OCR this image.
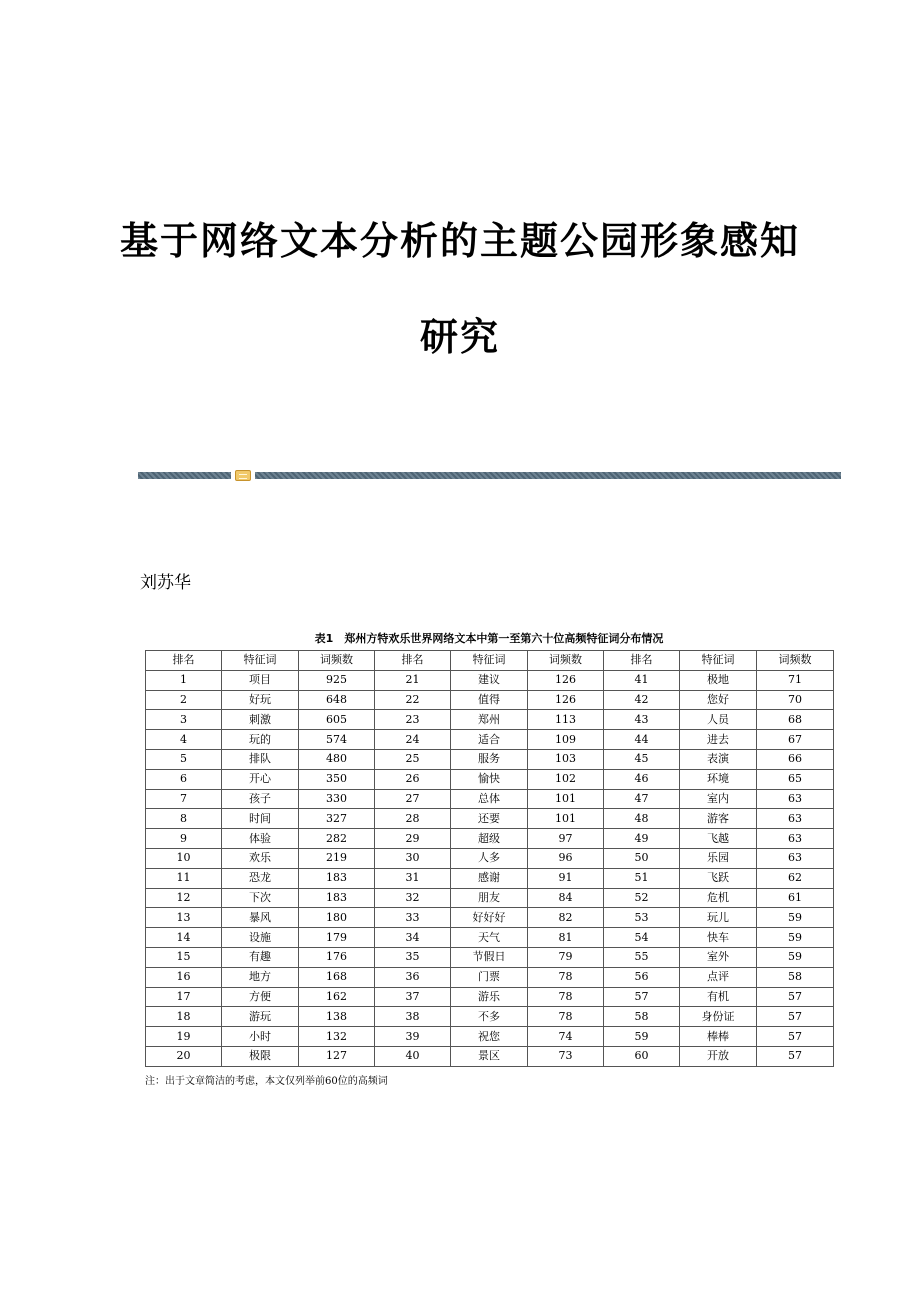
基于网络文本分析的主题公园形象感知
研究
刘苏华
表1　郑州方特欢乐世界网络文本中第一至第六十位高频特征词分布情况
排名	特征词	词频数	排名	特征词	词频数	排名	特征词	词频数
1	项目	925	21	建议	126	41	极地	71
2	好玩	648	22	值得	126	42	您好	70
3	刺激	605	23	郑州	113	43	人员	68
4	玩的	574	24	适合	109	44	进去	67
5	排队	480	25	服务	103	45	表演	66
6	开心	350	26	愉快	102	46	环境	65
7	孩子	330	27	总体	101	47	室内	63
8	时间	327	28	还要	101	48	游客	63
9	体验	282	29	超级	97	49	飞越	63
10	欢乐	219	30	人多	96	50	乐园	63
11	恐龙	183	31	感谢	91	51	飞跃	62
12	下次	183	32	朋友	84	52	危机	61
13	暴风	180	33	好好好	82	53	玩儿	59
14	设施	179	34	天气	81	54	快车	59
15	有趣	176	35	节假日	79	55	室外	59
16	地方	168	36	门票	78	56	点评	58
17	方便	162	37	游乐	78	57	有机	57
18	游玩	138	38	不多	78	58	身份证	57
19	小时	132	39	祝您	74	59	棒棒	57
20	极限	127	40	景区	73	60	开放	57
注：出于文章简洁的考虑，本文仅列举前60位的高频词
